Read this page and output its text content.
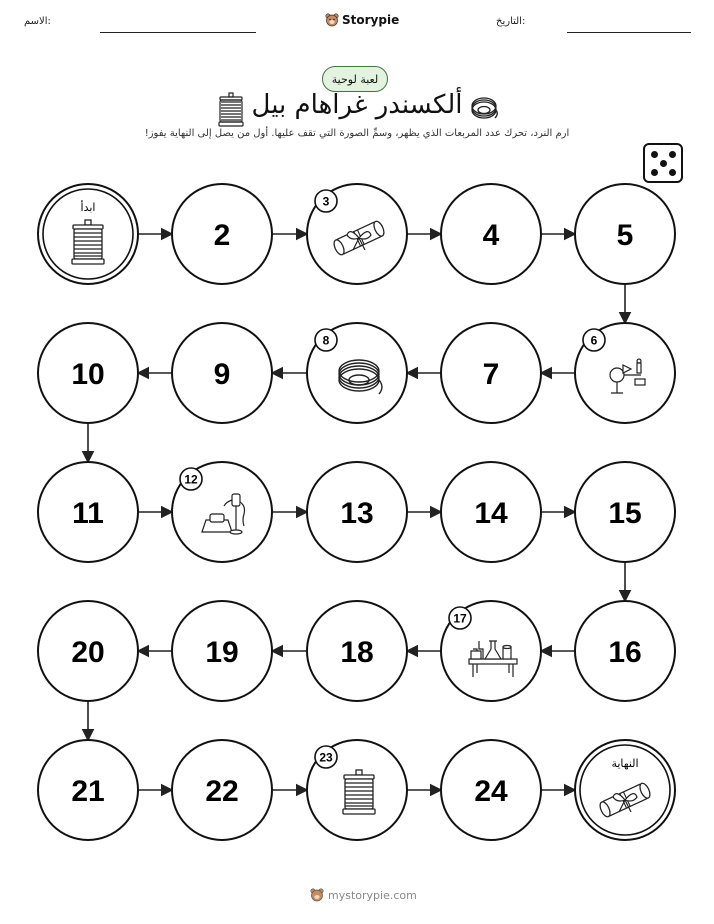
الاسم:	Storypie	التاريخ:
لعبة لوحية
ألكسندر غراهام بيل
ارم النرد، تحرك عدد المربعات الذي يظهر، وسمِّ الصورة التي تقف عليها. أول من يصل إلى النهاية يفوز!
ابدأ
2
3
4	5
6
7
8
9
10
11
12
13	14	15
16
17
18
19
20
21	22
23
24
النهاية
mystorypie.com
